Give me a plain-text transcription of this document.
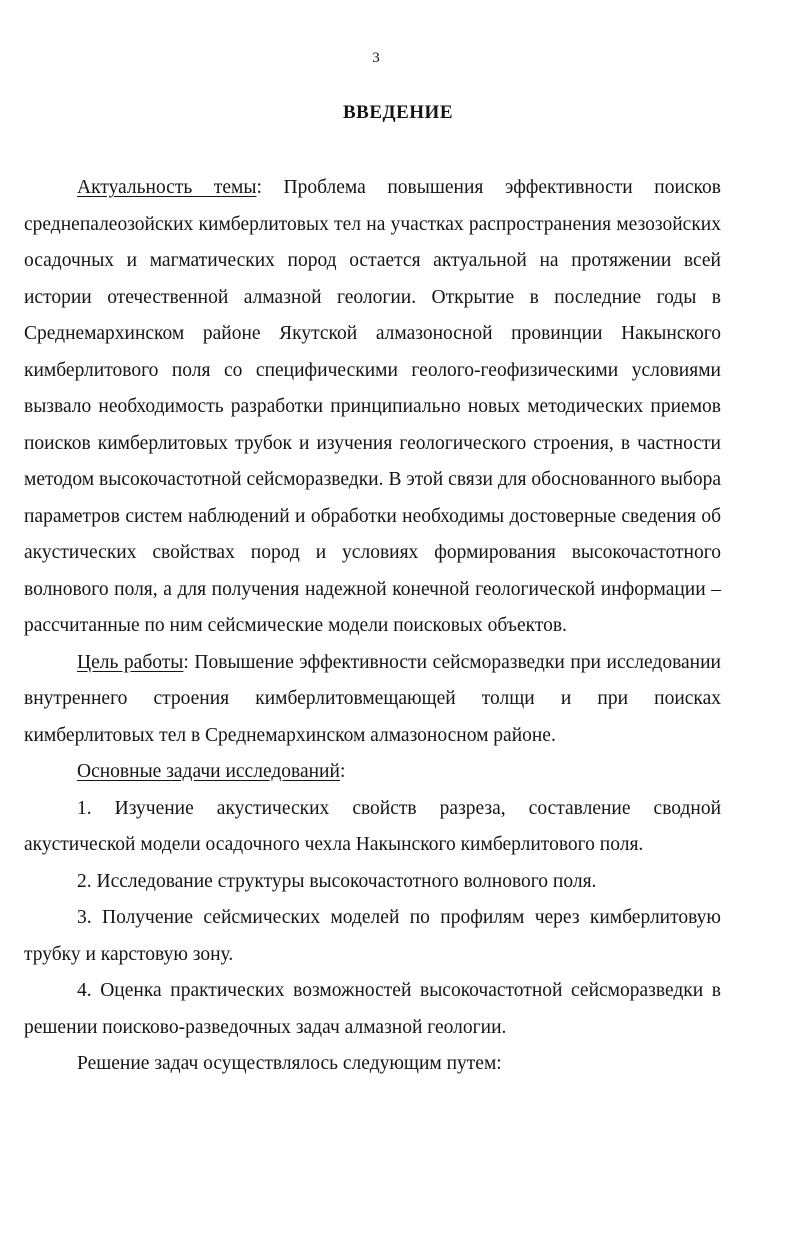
3
ВВЕДЕНИЕ

Актуальность темы: Проблема повышения эффективности поисков среднепалеозойских кимберлитовых тел на участках распространения мезозойских осадочных и магматических пород остается актуальной на протяжении всей истории отечественной алмазной геологии. Открытие в последние годы в Среднемархинском районе Якутской алмазоносной провинции Накынского кимберлитового поля со специфическими геолого-геофизическими условиями вызвало необходимость разработки принципиально новых методических приемов поисков кимберлитовых трубок и изучения геологического строения, в частности методом высокочастотной сейсморазведки. В этой связи для обоснованного выбора параметров систем наблюдений и обработки необходимы достоверные сведения об акустических свойствах пород и условиях формирования высокочастотного волнового поля, а для получения надежной конечной геологической информации – рассчитанные по ним сейсмические модели поисковых объектов.

Цель работы: Повышение эффективности сейсморазведки при исследовании внутреннего строения кимберлитовмещающей толщи и при поисках кимберлитовых тел в Среднемархинском алмазоносном районе.

Основные задачи исследований:

1. Изучение акустических свойств разреза, составление сводной акустической модели осадочного чехла Накынского кимберлитового поля.

2. Исследование структуры высокочастотного волнового поля.

3. Получение сейсмических моделей по профилям через кимберлитовую трубку и карстовую зону.

4. Оценка практических возможностей высокочастотной сейсморазведки в решении поисково-разведочных задач алмазной геологии.

Решение задач осуществлялось следующим путем:
